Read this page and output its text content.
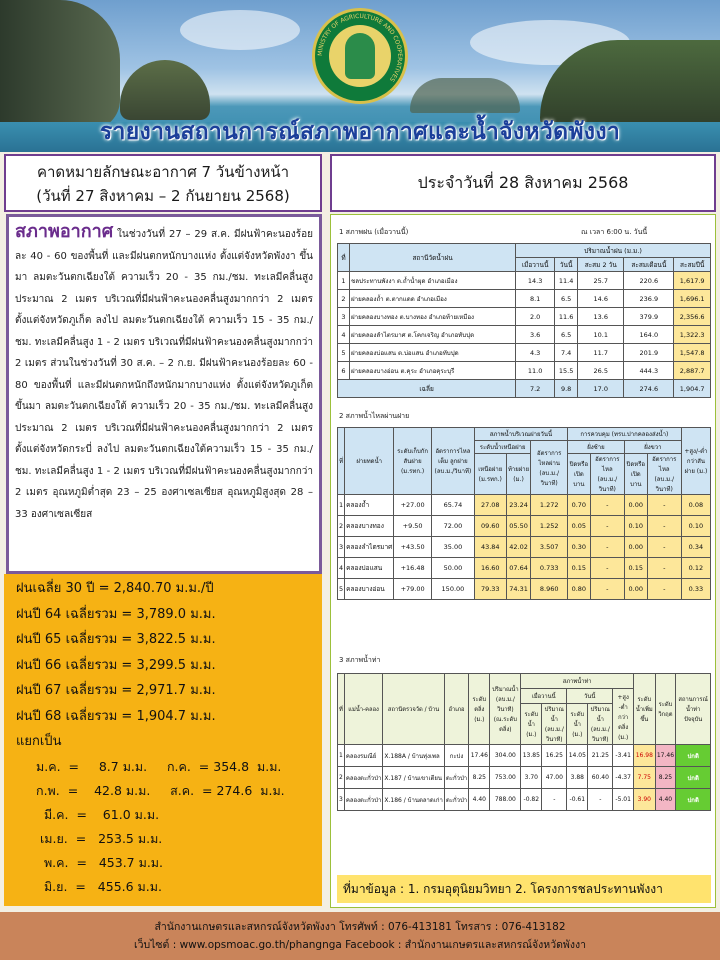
MINISTRY OF AGRICULTURE AND COOPERATIVES
รายงานสถานการณ์สภาพอากาศและน้ำจังหวัดพังงา
คาดหมายลักษณะอากาศ 7 วันข้างหน้า
(วันที่ 27 สิงหาคม – 2 กันยายน 2568)
ประจำวันที่ 28 สิงหาคม 2568
สภาพอากาศ ในช่วงวันที่ 27 – 29 ส.ค. มีฝนฟ้าคะนองร้อยละ 40 - 60 ของพื้นที่ และมีฝนตกหนักบางแห่ง ตั้งแต่จังหวัดพังงา ขึ้นมา ลมตะวันตกเฉียงใต้ ความเร็ว 20 - 35 กม./ชม. ทะเลมีคลื่นสูงประมาณ 2 เมตร บริเวณที่มีฝนฟ้าคะนองคลื่นสูงมากกว่า 2 เมตรตั้งแต่จังหวัดภูเก็ต ลงไป ลมตะวันตกเฉียงใต้ ความเร็ว 15 - 35 กม./ชม. ทะเลมีคลื่นสูง 1 - 2 เมตร บริเวณที่มีฝนฟ้าคะนองคลื่นสูงมากกว่า 2 เมตร ส่วนในช่วงวันที่ 30 ส.ค. – 2 ก.ย. มีฝนฟ้าคะนองร้อยละ 60 - 80 ของพื้นที่ และมีฝนตกหนักถึงหนักมากบางแห่ง ตั้งแต่จังหวัดภูเก็ต ขึ้นมา ลมตะวันตกเฉียงใต้ ความเร็ว 20 - 35 กม./ชม. ทะเลมีคลื่นสูงประมาณ 2 เมตร บริเวณที่มีฝนฟ้าคะนองคลื่นสูงมากกว่า 2 เมตรตั้งแต่จังหวัดกระบี่ ลงไป ลมตะวันตกเฉียงใต้ความเร็ว 15 - 35 กม./ชม. ทะเลมีคลื่นสูง 1 - 2 เมตร บริเวณที่มีฝนฟ้าคะนองคลื่นสูงมากกว่า 2 เมตร อุณหภูมิต่ำสุด 23 – 25 องศาเซลเซียส อุณหภูมิสูงสุด 28 – 33 องศาเซลเซียส
ฝนเฉลี่ย 30 ปี = 2,840.70 ม.ม./ปี
ฝนปี 64 เฉลี่ยรวม = 3,789.0 ม.ม.
ฝนปี 65 เฉลี่ยรวม = 3,822.5 ม.ม.
ฝนปี 66 เฉลี่ยรวม = 3,299.5 ม.ม.
ฝนปี 67 เฉลี่ยรวม = 2,971.7 ม.ม.
ฝนปี 68 เฉลี่ยรวม = 1,904.7 ม.ม.
แยกเป็น
ม.ค.  =     8.7 ม.ม.     ก.ค.  = 354.8  ม.ม.
ก.พ.  =    42.8 ม.ม.     ส.ค.  = 274.6  ม.ม.
มี.ค.  =    61.0 ม.ม.
เม.ย.  =   253.5 ม.ม.
พ.ค.  =   453.7 ม.ม.
มิ.ย.  =   455.6 ม.ม.
1 สภาพฝน (เมื่อวานนี้)	ณ เวลา 6:00 น. วันนี้
ที่	สถานีวัดน้ำฝน	ปริมาณน้ำฝน (ม.ม.)				
		เมื่อวานนี้	วันนี้	สะสม 2 วัน	สะสมเดือนนี้	สะสมปีนี้
1	ชลประทานพังงา ต.ถ้ำน้ำผุด อำเภอเมือง	14.3	11.4	25.7	220.6	1,617.9
2	ฝายคลองถ้ำ ต.ตากแดด อำเภอเมือง	8.1	6.5	14.6	236.9	1,696.1
3	ฝายคลองบางทอง ต.บางทอง อำเภอท้ายเหมือง	2.0	11.6	13.6	379.9	2,356.6
4	ฝายคลองลำไตรมาศ ต.โคกเจริญ อำเภอทับปุด	3.6	6.5	10.1	164.0	1,322.3
5	ฝายคลองบ่อแสน ต.บ่อแสน อำเภอทับปุด	4.3	7.4	11.7	201.9	1,547.8
6	ฝายคลองบางอ่อน ต.คุระ อำเภอคุระบุรี	11.0	15.5	26.5	444.3	2,887.7
เฉลี่ย		7.2	9.8	17.0	274.6	1,904.7
2 สภาพน้ำไหลผ่านฝาย
ที่	ฝายทดน้ำ	ระดับเก็บกักสันฝาย (ม.รทก.)	อัตราการไหลเต็ม ลูกฝาย (ลบ.ม./วินาที)	สภาพน้ำบริเวณฝายวันนี้			การควบคุม (ทรบ.ปากคลองส่งน้ำ)				+สูง/-ต่ำกว่าสันฝาย (ม.)
				ระดับน้ำเหนือฝาย		อัตราการไหลผ่าน (ลบ.ม./วินาที)	ฝั่งซ้าย		ฝั่งขวา		
				เหนือฝาย (ม.รทก.)	ท้ายฝาย (ม.)		ปิดหรือเปิดบาน	อัตราการไหล (ลบ.ม./วินาที)	ปิดหรือเปิดบาน	อัตราการไหล (ลบ.ม./วินาที)	
1	คลองถ้ำ	+27.00	65.74	27.08	23.24	1.272	0.70	-	0.00	-	0.08
2	คลองบางทอง	+9.50	72.00	09.60	05.50	1.252	0.05	-	0.10	-	0.10
3	คลองลำไตรมาศ	+43.50	35.00	43.84	42.02	3.507	0.30	-	0.00	-	0.34
4	คลองบ่อแสน	+16.48	50.00	16.60	07.64	0.733	0.15	-	0.15	-	0.12
5	คลองบางอ่อน	+79.00	150.00	79.33	74.31	8.960	0.80	-	0.00	-	0.33
3 สภาพน้ำท่า
ที่	แม่น้ำ-คลอง	สถานีตรวจวัด / บ้าน	อำเภอ	ระดับตลิ่ง (ม.)	ปริมาณน้ำ (ลบ.ม./วินาที) (ณ.ระดับตลิ่ง)	สภาพน้ำท่า					ระดับน้ำเพิ่มขึ้น	ระดับวิกฤต	สถานการณ์ น้ำท่าปัจจุบัน
						เมื่อวานนี้		วันนี้		+สูง -ต่ำกว่าตลิ่ง (ม.)			
						ระดับน้ำ (ม.)	ปริมาณน้ำ (ลบ.ม./วินาที)	ระดับน้ำ (ม.)	ปริมาณน้ำ (ลบ.ม./วินาที)				
1	คลองรมณีย์	X.188A / บ้านทุ่งเพล	กะปง	17.46	304.00	13.85	16.25	14.05	21.25	-3.41	16.98	17.46	ปกติ
2	คลองตะกั่วป่า	X.187 / บ้านเขาเตียน	ตะกั่วป่า	8.25	753.00	3.70	47.00	3.88	60.40	-4.37	7.75	8.25	ปกติ
3	คลองตะกั่วป่า	X.186 / บ้านตลาดเก่า	ตะกั่วป่า	4.40	788.00	-0.82	-	-0.61	-	-5.01	3.90	4.40	ปกติ
ที่มาข้อมูล : 1. กรมอุตุนิยมวิทยา 2. โครงการชลประทานพังงา
สำนักงานเกษตรและสหกรณ์จังหวัดพังงา โทรศัพท์ : 076-413181 โทรสาร : 076-413182
เว็บไซต์ : www.opsmoac.go.th/phangnga Facebook : สำนักงานเกษตรและสหกรณ์จังหวัดพังงา
